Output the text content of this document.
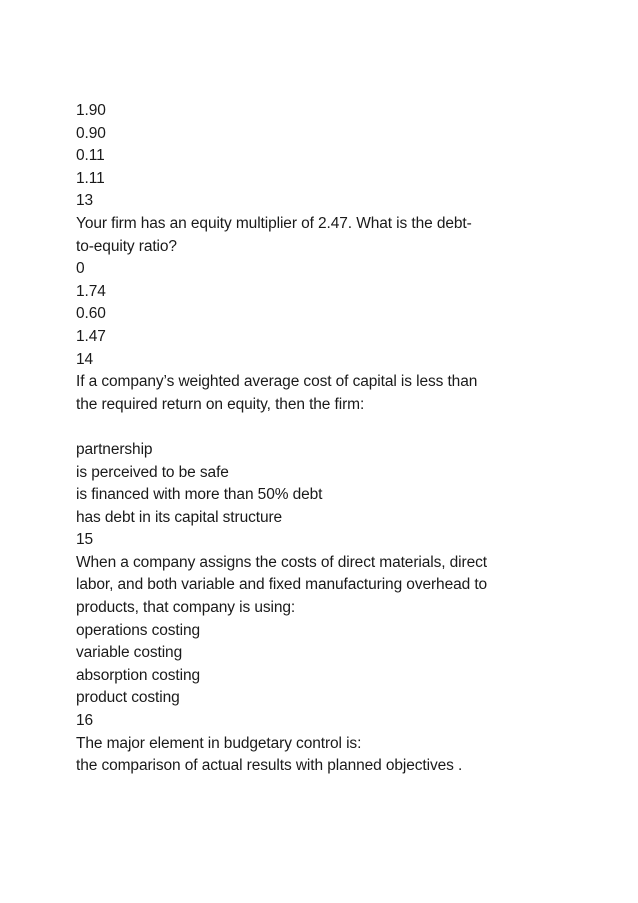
1.90
0.90
0.11
1.11
13
Your firm has an equity multiplier of 2.47. What is the debt-
to-equity ratio?
0
1.74
0.60
1.47
14
If a company’s weighted average cost of capital is less than
the required return on equity, then the firm:
partnership
is perceived to be safe
is financed with more than 50% debt
has debt in its capital structure
15
When a company assigns the costs of direct materials, direct
labor, and both variable and fixed manufacturing overhead to
products, that company is using:
operations costing
variable costing
absorption costing
product costing
16
The major element in budgetary control is:
the comparison of actual results with planned objectives .
